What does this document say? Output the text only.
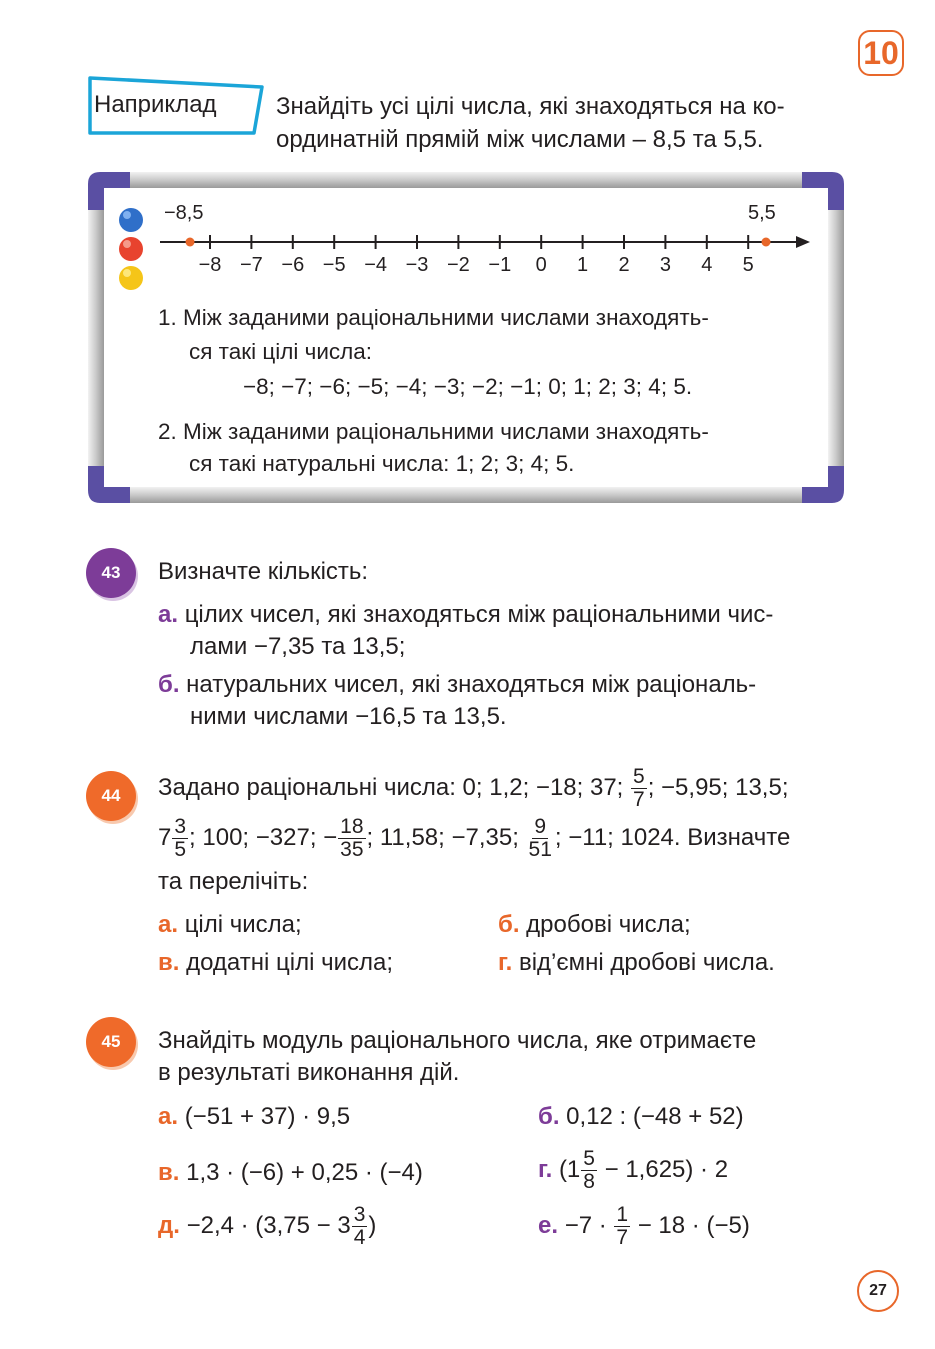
10
Наприклад	Знайдіть усі цілі числа, які знаходяться на ко-
ординатній прямій між числами – 8,5 та 5,5.
−8,5	5,5
−8 −7 −6 −5 −4 −3 −2 −1	0	1	2	3	4	5
1. Між заданими раціональними числами знаходять-
ся такі цілі числа:
−8; −7; −6; −5; −4; −3; −2; −1; 0; 1; 2; 3; 4; 5.
2. Між заданими раціональними числами знаходять-
ся такі натуральні числа: 1; 2; 3; 4; 5.
43	Визначте кількість:
а. цілих чисел, які знаходяться між раціональними чис-
лами −7,35 та 13,5;
б. натуральних чисел, які знаходяться між раціональ-
ними числами −16,5 та 13,5.
44	Задано раціональні числа: 0; 1,2; −18; 37; $\frac{5}{7}$ ; −5,95; 13,5;
$7 \frac{3}{5}$ ; 100; −327; − $\frac{18}{35}$ ; 11,58; −7,35; $\frac{9}{51}$ ; −11; 1024. Визначте
та перелічіть:
а. цілі числа;	б. дробові числа;
в. додатні цілі числа;	г. від’ємні дробові числа.
45	Знайдіть модуль раціонального числа, яке отримаєте
в результаті виконання дій.
а. (−51 + 37) · 9,5	б. 0,12 : (−48 + 52)
в. 1,3 · (−6) + 0,25 · (−4)	г. $(1 \frac{5}{8} - 1,625) \cdot 2$
д. $-2,4 \cdot (3,75 - 3 \frac{3}{4}$ )	е. $-7 \cdot \frac{1}{7} - 18 \cdot (-5)$
27
